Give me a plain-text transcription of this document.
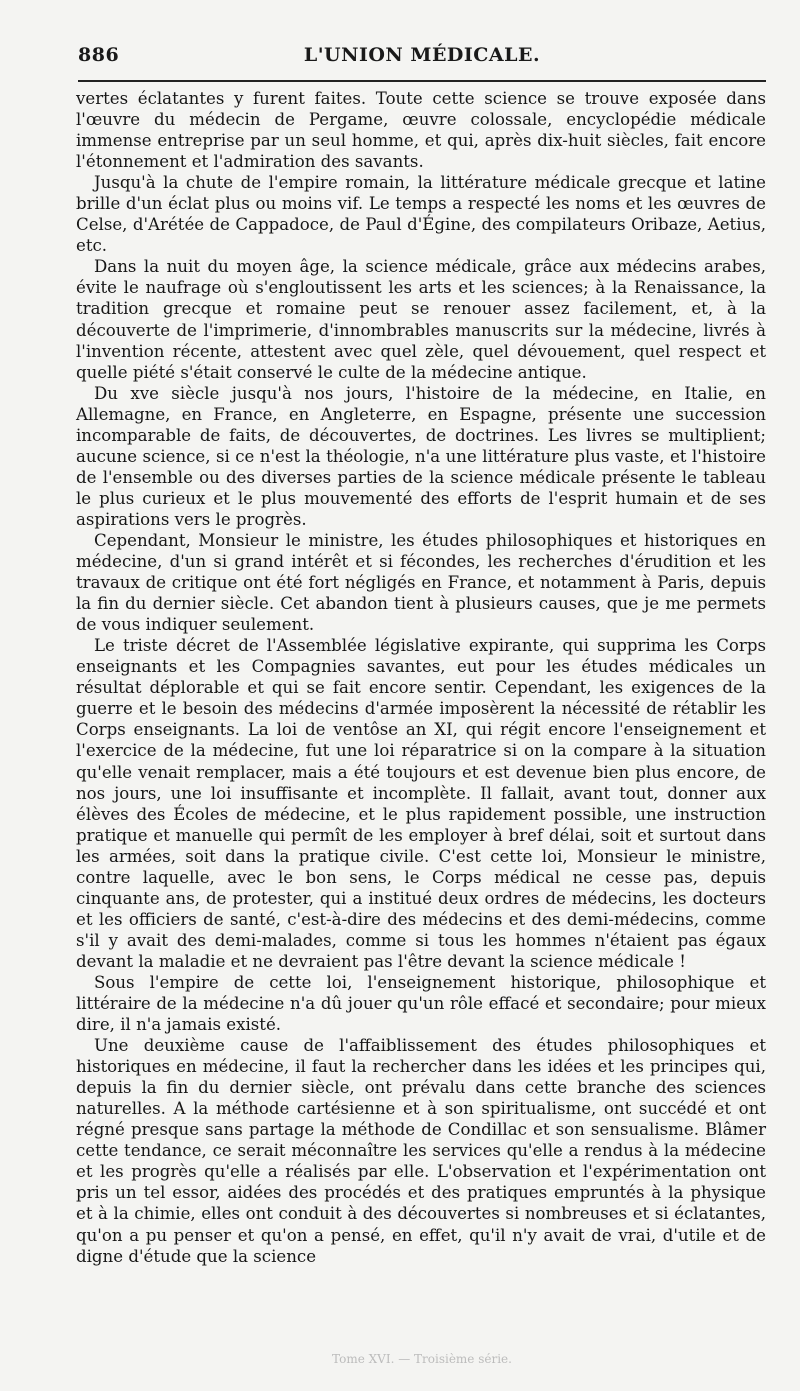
886	L'UNION MÉDICALE.

vertes éclatantes y furent faites. Toute cette science se trouve exposée dans l'œuvre du médecin de Pergame, œuvre colossale, encyclopédie médicale immense entreprise par un seul homme, et qui, après dix-huit siècles, fait encore l'étonnement et l'admiration des savants.

Jusqu'à la chute de l'empire romain, la littérature médicale grecque et latine brille d'un éclat plus ou moins vif. Le temps a respecté les noms et les œuvres de Celse, d'Arétée de Cappadoce, de Paul d'Égine, des compilateurs Oribaze, Aetius, etc.

Dans la nuit du moyen âge, la science médicale, grâce aux médecins arabes, évite le naufrage où s'engloutissent les arts et les sciences; à la Renaissance, la tradition grecque et romaine peut se renouer assez facilement, et, à la découverte de l'imprimerie, d'innombrables manuscrits sur la médecine, livrés à l'invention récente, attestent avec quel zèle, quel dévouement, quel respect et quelle piété s'était conservé le culte de la médecine antique.

Du xve siècle jusqu'à nos jours, l'histoire de la médecine, en Italie, en Allemagne, en France, en Angleterre, en Espagne, présente une succession incomparable de faits, de découvertes, de doctrines. Les livres se multiplient; aucune science, si ce n'est la théologie, n'a une littérature plus vaste, et l'histoire de l'ensemble ou des diverses parties de la science médicale présente le tableau le plus curieux et le plus mouvementé des efforts de l'esprit humain et de ses aspirations vers le progrès.

Cependant, Monsieur le ministre, les études philosophiques et historiques en médecine, d'un si grand intérêt et si fécondes, les recherches d'érudition et les travaux de critique ont été fort négligés en France, et notamment à Paris, depuis la fin du dernier siècle. Cet abandon tient à plusieurs causes, que je me permets de vous indiquer seulement.

Le triste décret de l'Assemblée législative expirante, qui supprima les Corps enseignants et les Compagnies savantes, eut pour les études médicales un résultat déplorable et qui se fait encore sentir. Cependant, les exigences de la guerre et le besoin des médecins d'armée imposèrent la nécessité de rétablir les Corps enseignants. La loi de ventôse an XI, qui régit encore l'enseignement et l'exercice de la médecine, fut une loi réparatrice si on la compare à la situation qu'elle venait remplacer, mais a été toujours et est devenue bien plus encore, de nos jours, une loi insuffisante et incomplète. Il fallait, avant tout, donner aux élèves des Écoles de médecine, et le plus rapidement possible, une instruction pratique et manuelle qui permît de les employer à bref délai, soit et surtout dans les armées, soit dans la pratique civile. C'est cette loi, Monsieur le ministre, contre laquelle, avec le bon sens, le Corps médical ne cesse pas, depuis cinquante ans, de protester, qui a institué deux ordres de médecins, les docteurs et les officiers de santé, c'est-à-dire des médecins et des demi-médecins, comme s'il y avait des demi-malades, comme si tous les hommes n'étaient pas égaux devant la maladie et ne devraient pas l'être devant la science médicale !

Sous l'empire de cette loi, l'enseignement historique, philosophique et littéraire de la médecine n'a dû jouer qu'un rôle effacé et secondaire; pour mieux dire, il n'a jamais existé.

Une deuxième cause de l'affaiblissement des études philosophiques et historiques en médecine, il faut la rechercher dans les idées et les principes qui, depuis la fin du dernier siècle, ont prévalu dans cette branche des sciences naturelles. A la méthode cartésienne et à son spiritualisme, ont succédé et ont régné presque sans partage la méthode de Condillac et son sensualisme. Blâmer cette tendance, ce serait méconnaître les services qu'elle a rendus à la médecine et les progrès qu'elle a réalisés par elle. L'observation et l'expérimentation ont pris un tel essor, aidées des procédés et des pratiques empruntés à la physique et à la chimie, elles ont conduit à des découvertes si nombreuses et si éclatantes, qu'on a pu penser et qu'on a pensé, en effet, qu'il n'y avait de vrai, d'utile et de digne d'étude que la science

Tome XVI. — Troisième série.
